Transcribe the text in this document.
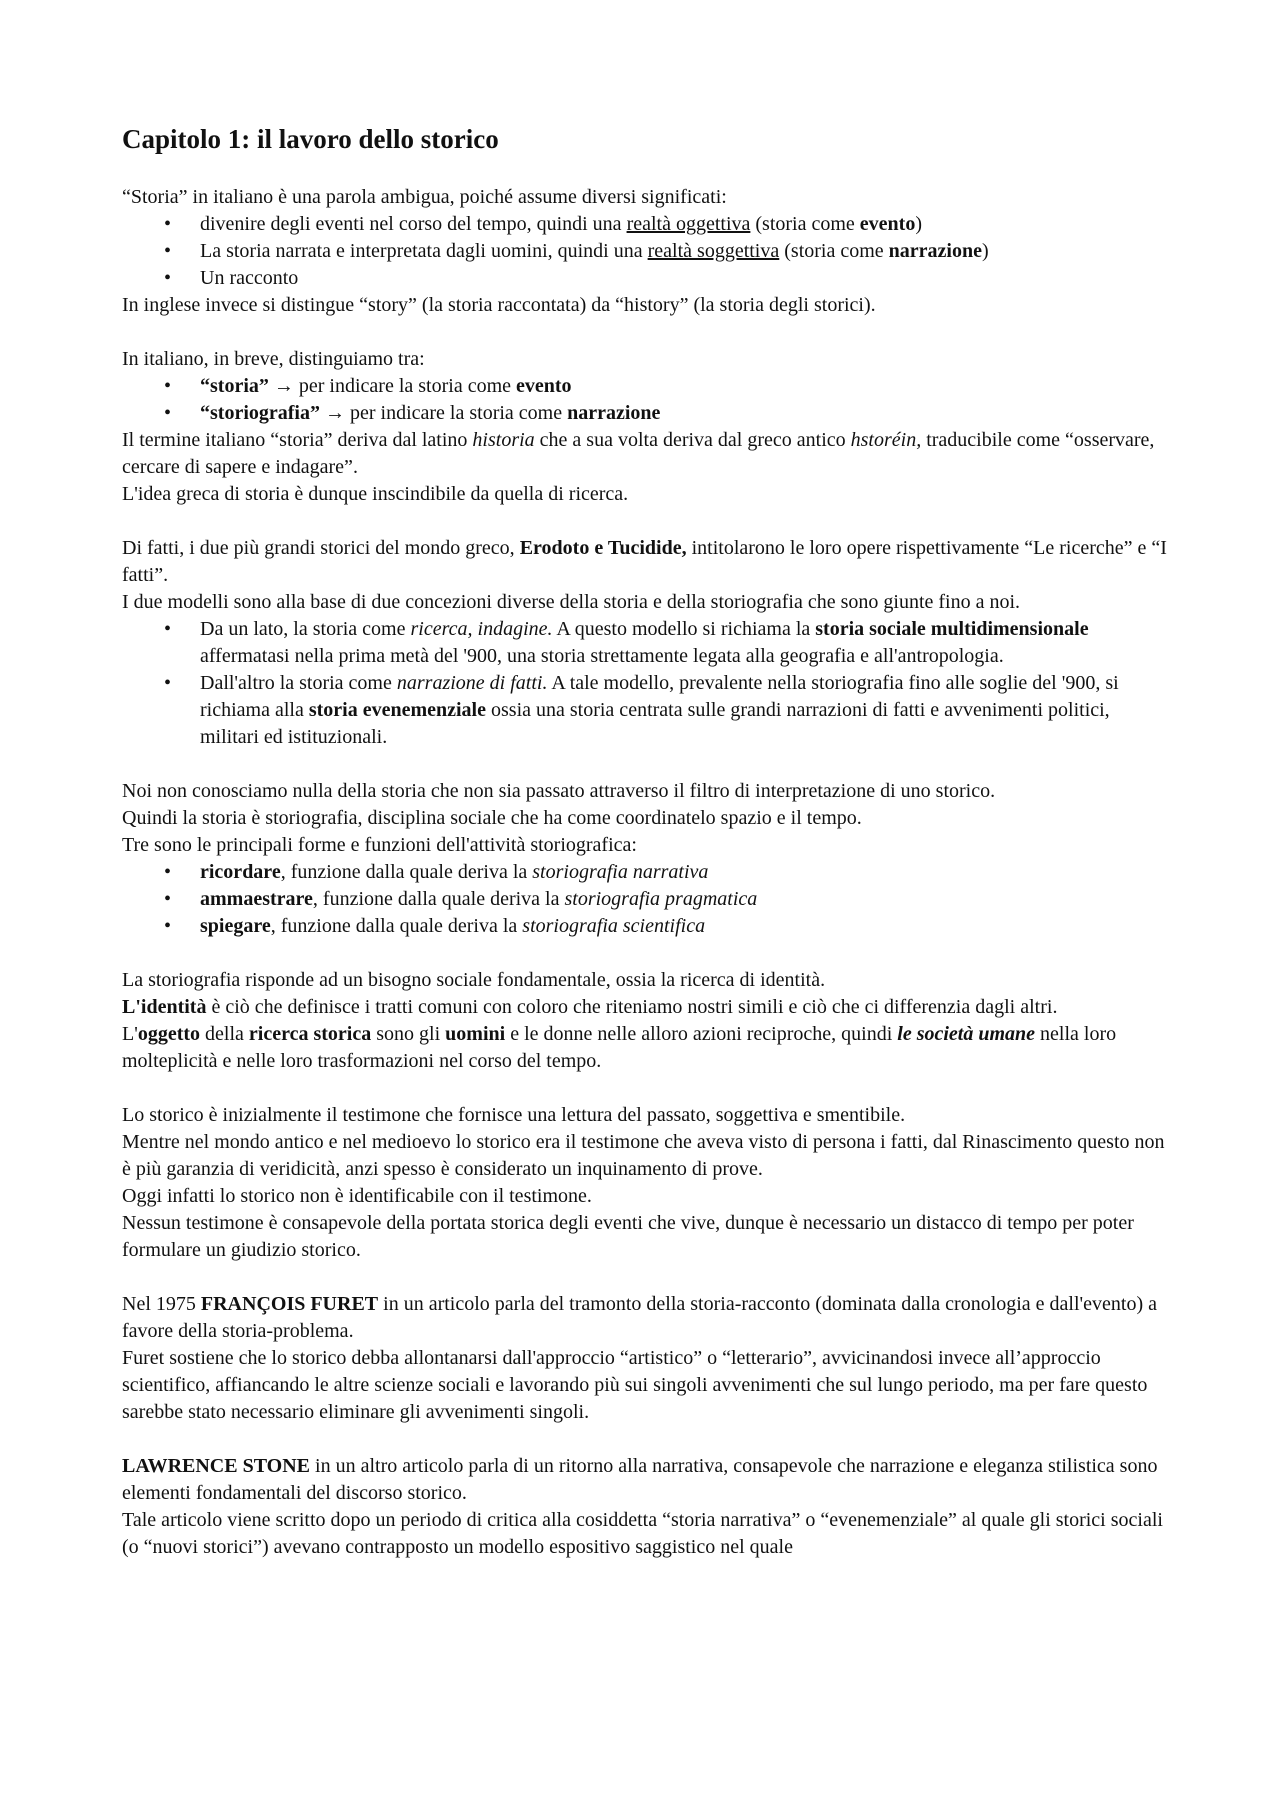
Capitolo 1: il lavoro dello storico

“Storia” in italiano è una parola ambigua, poiché assume diversi significati:

• divenire degli eventi nel corso del tempo, quindi una realtà oggettiva (storia come evento)
• La storia narrata e interpretata dagli uomini, quindi una realtà soggettiva (storia come narrazione)
• Un racconto

In inglese invece si distingue “story” (la storia raccontata) da “history” (la storia degli storici).

In italiano, in breve, distinguiamo tra:

• “storia” → per indicare la storia come evento
• “storiografia” → per indicare la storia come narrazione

Il termine italiano “storia” deriva dal latino historia che a sua volta deriva dal greco antico hstoréin, traducibile come “osservare, cercare di sapere e indagare”.

L'idea greca di storia è dunque inscindibile da quella di ricerca.

Di fatti, i due più grandi storici del mondo greco, Erodoto e Tucidide, intitolarono le loro opere rispettivamente “Le ricerche” e “I fatti”.

I due modelli sono alla base di due concezioni diverse della storia e della storiografia che sono giunte fino a noi.

• Da un lato, la storia come ricerca, indagine. A questo modello si richiama la storia sociale multidimensionale affermatasi nella prima metà del '900, una storia strettamente legata alla geografia e all'antropologia.
• Dall'altro la storia come narrazione di fatti. A tale modello, prevalente nella storiografia fino alle soglie del '900, si richiama alla storia evenemenziale ossia una storia centrata sulle grandi narrazioni di fatti e avvenimenti politici, militari ed istituzionali.

Noi non conosciamo nulla della storia che non sia passato attraverso il filtro di interpretazione di uno storico.

Quindi la storia è storiografia, disciplina sociale che ha come coordinatelo spazio e il tempo.

Tre sono le principali forme e funzioni dell'attività storiografica:

• ricordare, funzione dalla quale deriva la storiografia narrativa
• ammaestrare, funzione dalla quale deriva la storiografia pragmatica
• spiegare, funzione dalla quale deriva la storiografia scientifica

La storiografia risponde ad un bisogno sociale fondamentale, ossia la ricerca di identità.

L'identità è ciò che definisce i tratti comuni con coloro che riteniamo nostri simili e ciò che ci differenzia dagli altri.

L'oggetto della ricerca storica sono gli uomini e le donne nelle alloro azioni reciproche, quindi le società umane nella loro molteplicità e nelle loro trasformazioni nel corso del tempo.

Lo storico è inizialmente il testimone che fornisce una lettura del passato, soggettiva e smentibile.

Mentre nel mondo antico e nel medioevo lo storico era il testimone che aveva visto di persona i fatti, dal Rinascimento questo non è più garanzia di veridicità, anzi spesso è considerato un inquinamento di prove.

Oggi infatti lo storico non è identificabile con il testimone.

Nessun testimone è consapevole della portata storica degli eventi che vive, dunque è necessario un distacco di tempo per poter formulare un giudizio storico.

Nel 1975 FRANÇOIS FURET in un articolo parla del tramonto della storia-racconto (dominata dalla cronologia e dall'evento) a favore della storia-problema.

Furet sostiene che lo storico debba allontanarsi dall'approccio “artistico” o “letterario”, avvicinandosi invece all’approccio scientifico, affiancando le altre scienze sociali e lavorando più sui singoli avvenimenti che sul lungo periodo, ma per fare questo sarebbe stato necessario eliminare gli avvenimenti singoli.

LAWRENCE STONE in un altro articolo parla di un ritorno alla narrativa, consapevole che narrazione e eleganza stilistica sono elementi fondamentali del discorso storico.

Tale articolo viene scritto dopo un periodo di critica alla cosiddetta “storia narrativa” o “evenemenziale” al quale gli storici sociali (o “nuovi storici”) avevano contrapposto un modello espositivo saggistico nel quale
